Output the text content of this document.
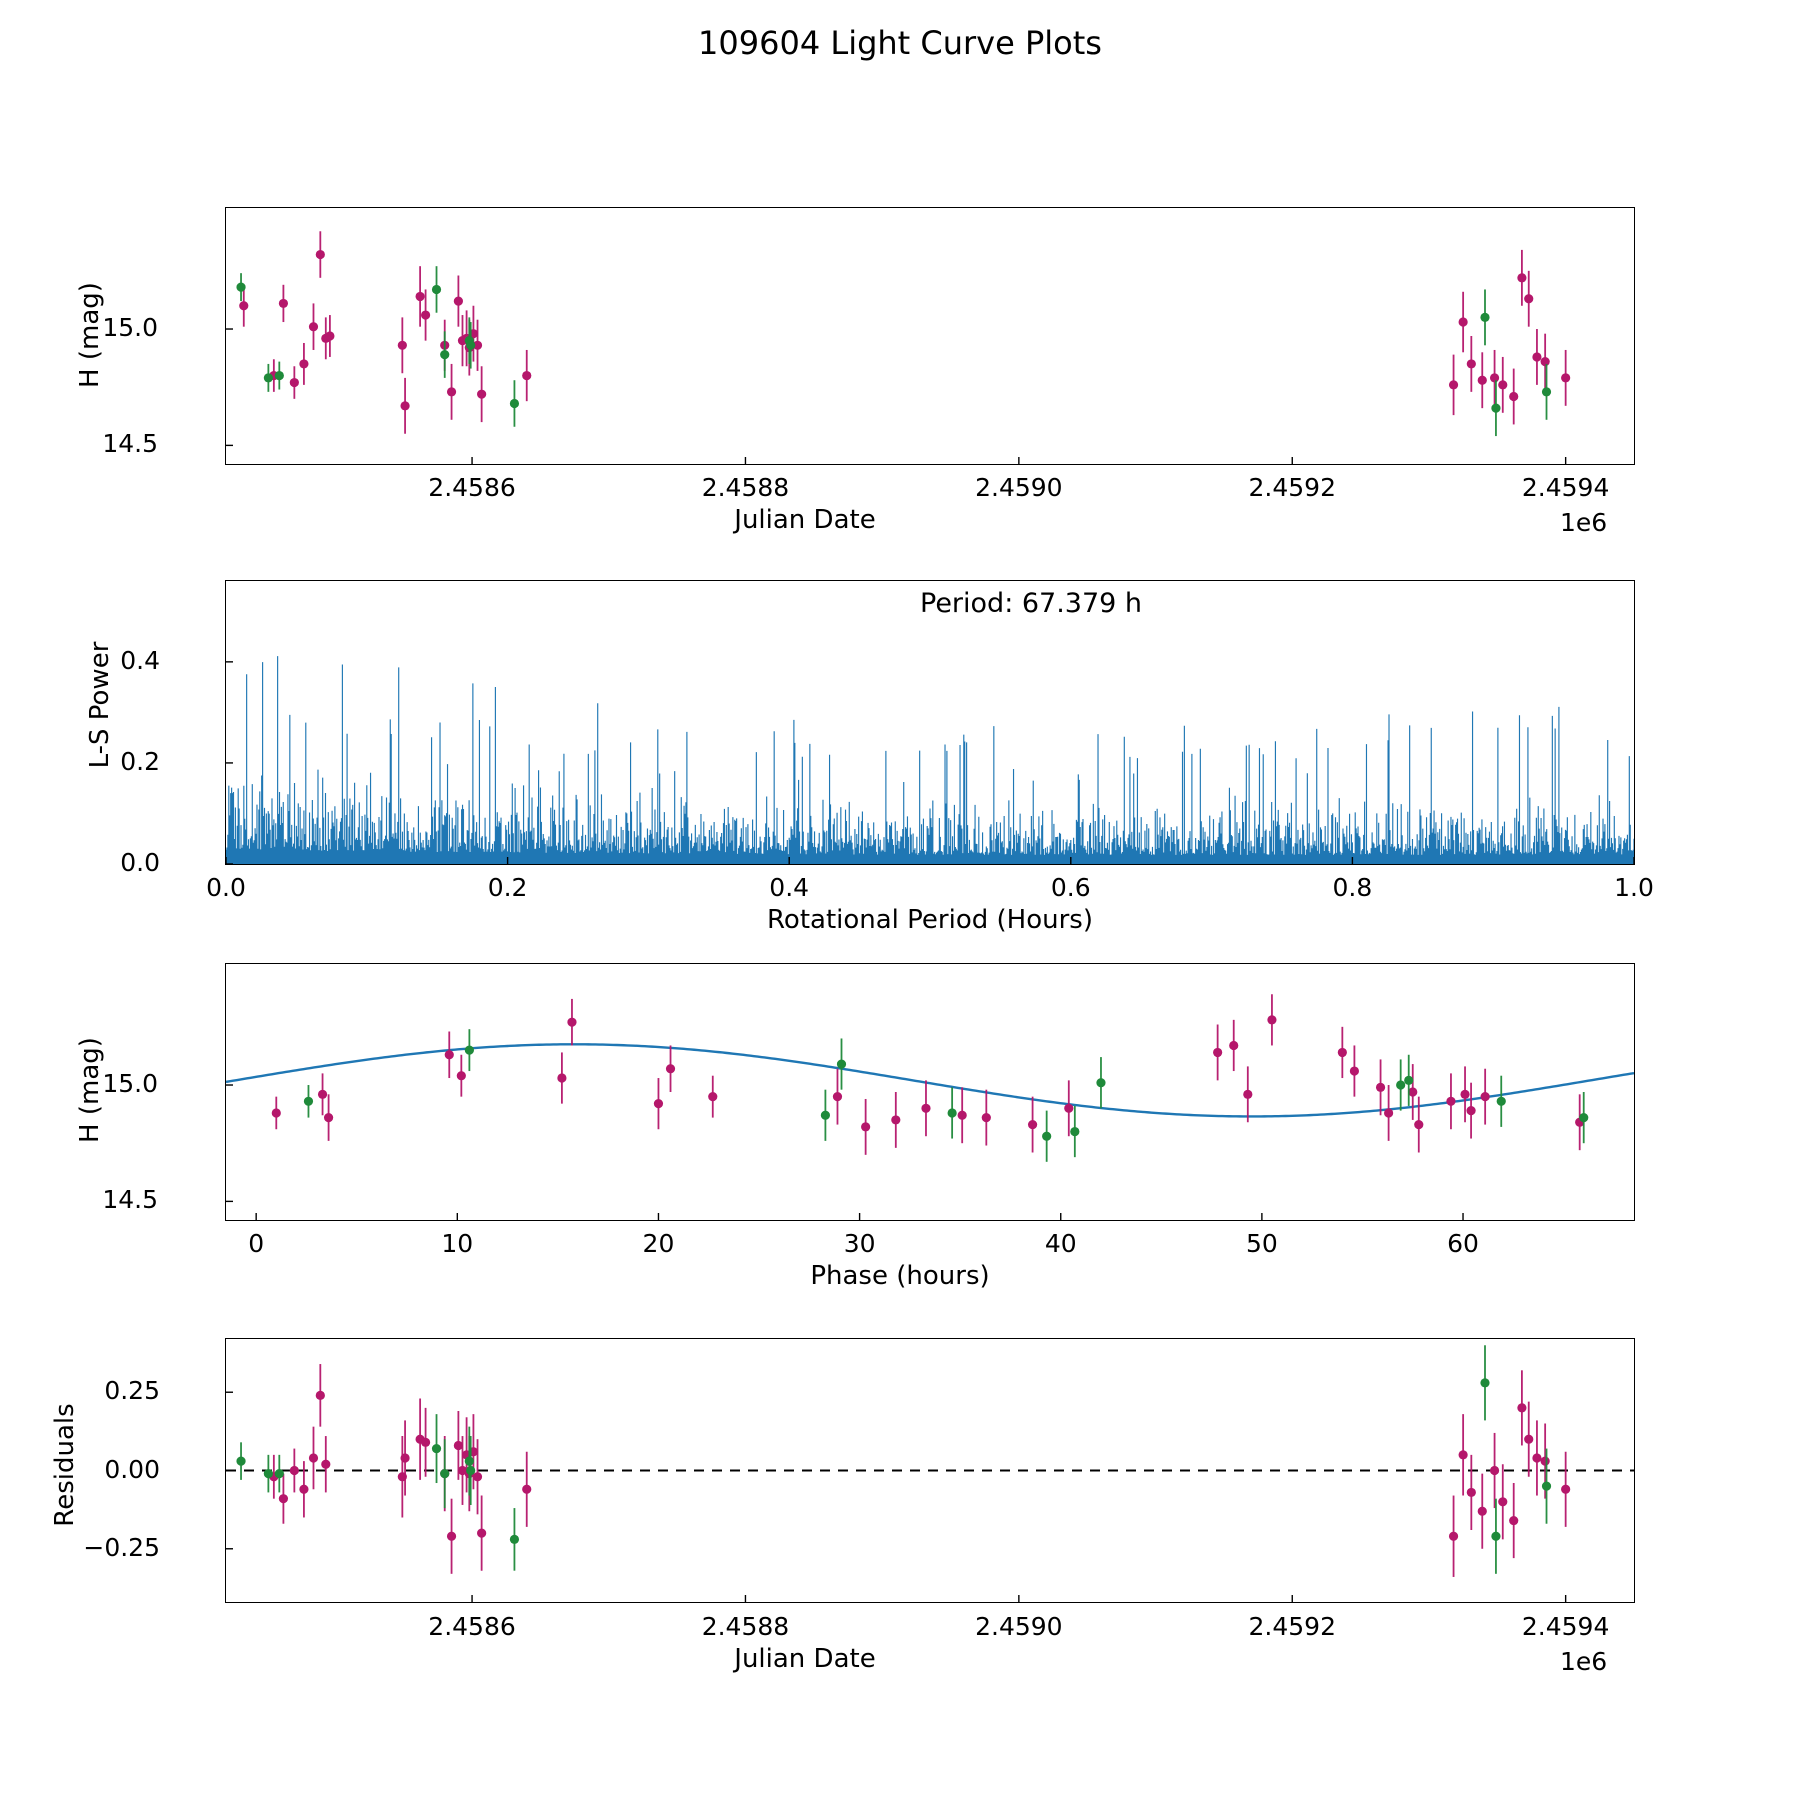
109604 Light Curve Plots
14.5
15.0
H (mag)
2.4586	2.4588	2.4590	2.4592	2.4594
Julian Date	1e6
Period: 67.379 h
0.0
0.2
0.4
L-S Power
0.0	0.2	0.4	0.6	0.8	1.0
Rotational Period (Hours)
14.5
15.0
H (mag)
0	10	20	30	40	50	60
Phase (hours)
−0.25
0.00
0.25
Residuals
2.4586	2.4588	2.4590	2.4592	2.4594
Julian Date	1e6
